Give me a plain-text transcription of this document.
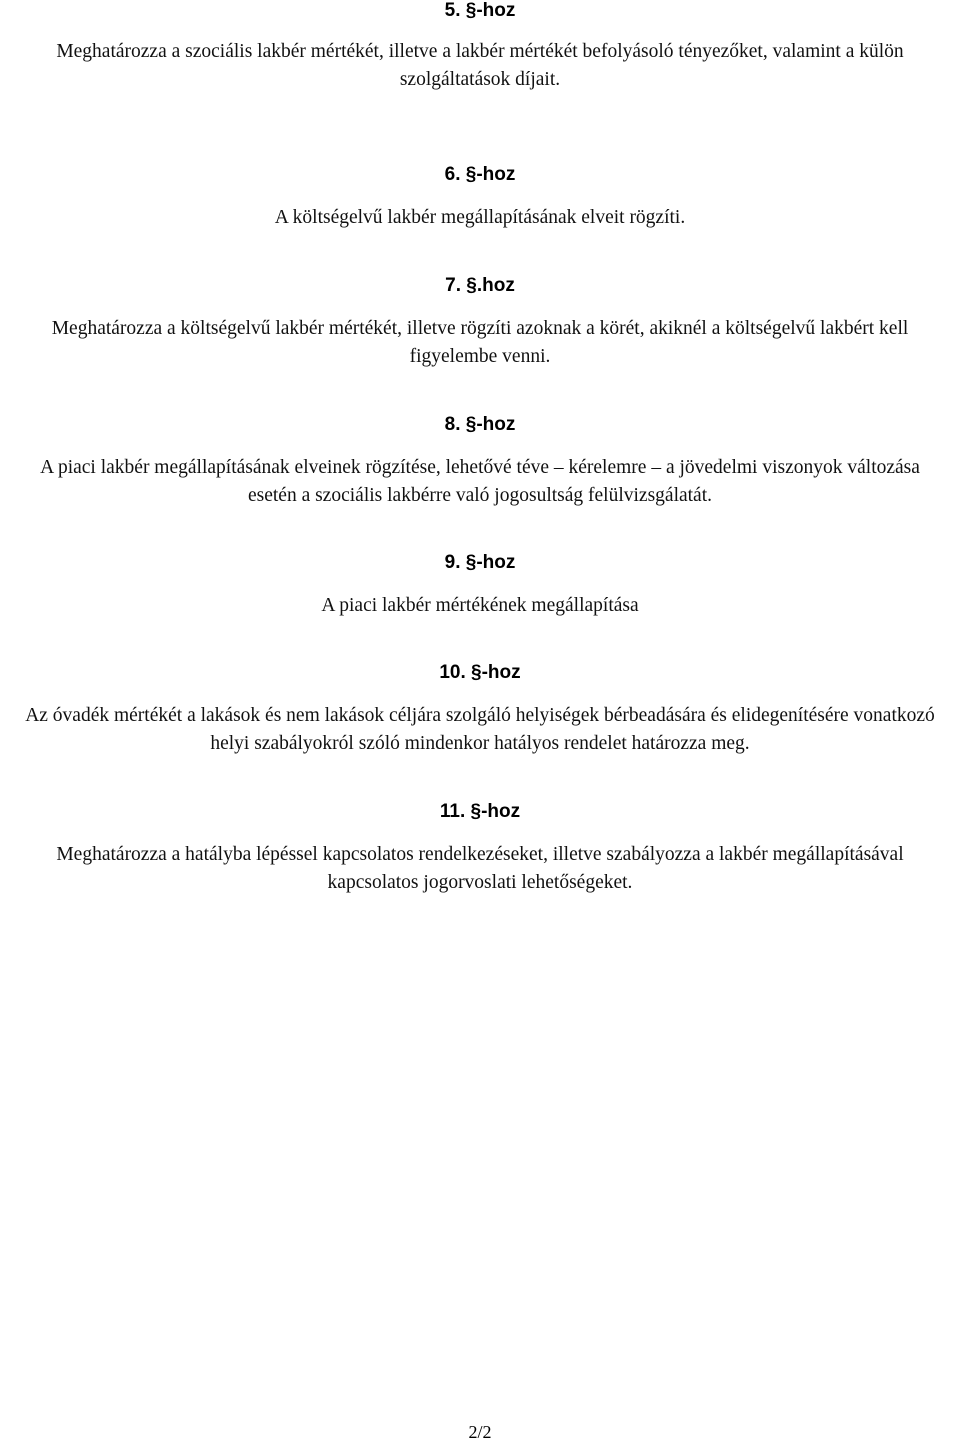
5. §-hoz
Meghatározza a szociális lakbér mértékét, illetve a lakbér mértékét befolyásoló tényezőket, valamint a külön szolgáltatások díjait.
6. §-hoz
A költségelvű lakbér megállapításának elveit rögzíti.
7. §.hoz
Meghatározza a költségelvű lakbér mértékét, illetve rögzíti azoknak a körét, akiknél a költségelvű lakbért kell figyelembe venni.
8. §-hoz
A piaci lakbér megállapításának elveinek rögzítése, lehetővé téve – kérelemre – a jövedelmi viszonyok változása esetén a szociális lakbérre való jogosultság felülvizsgálatát.
9. §-hoz
A piaci lakbér mértékének megállapítása
10. §-hoz
Az óvadék mértékét a lakások és nem lakások céljára szolgáló helyiségek bérbeadására és elidegenítésére vonatkozó helyi szabályokról szóló mindenkor hatályos rendelet határozza meg.
11. §-hoz
Meghatározza a hatályba lépéssel kapcsolatos rendelkezéseket, illetve szabályozza a lakbér megállapításával kapcsolatos jogorvoslati lehetőségeket.
2/2
